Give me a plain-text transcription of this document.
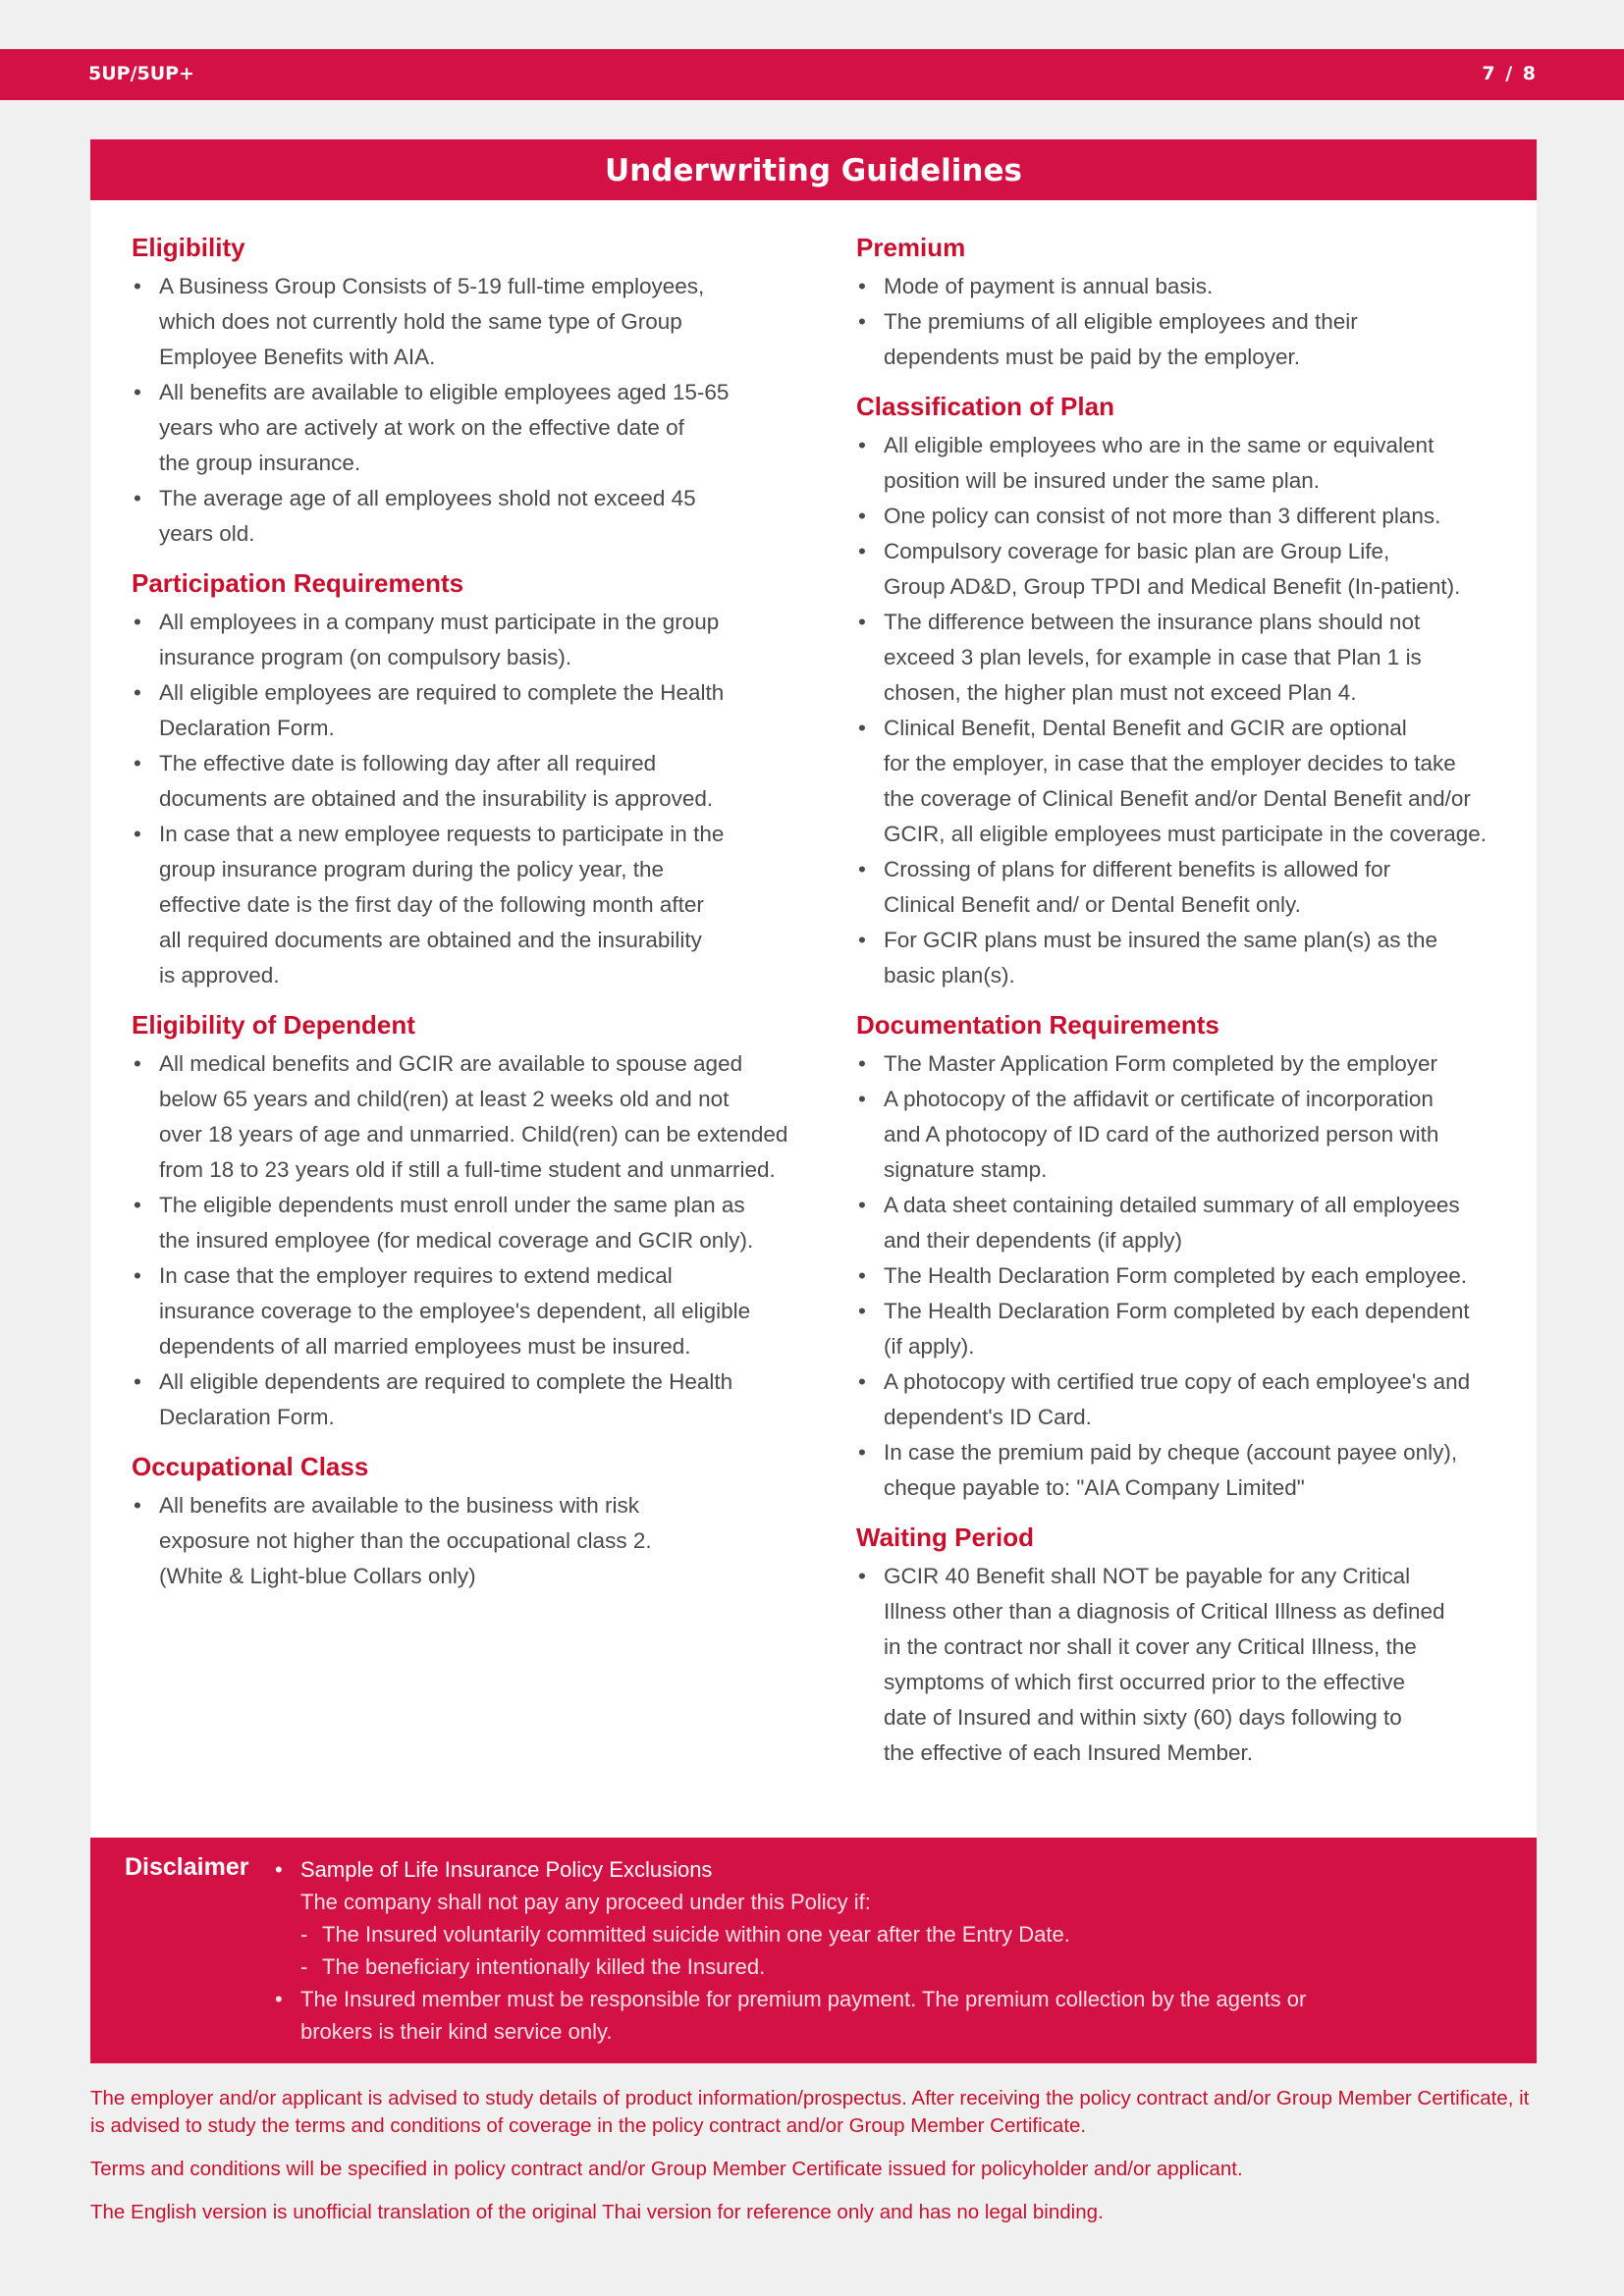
5UP/5UP+	7 / 8
Underwriting Guidelines
Eligibility
• A Business Group Consists of 5-19 full-time employees,
which does not currently hold the same type of Group
Employee Benefits with AIA.
• All benefits are available to eligible employees aged 15-65
years who are actively at work on the effective date of
the group insurance.
• The average age of all employees shold not exceed 45
years old.
Participation Requirements
• All employees in a company must participate in the group
insurance program (on compulsory basis).
• All eligible employees are required to complete the Health
Declaration Form.
• The effective date is following day after all required
documents are obtained and the insurability is approved.
• In case that a new employee requests to participate in the
group insurance program during the policy year, the
effective date is the first day of the following month after
all required documents are obtained and the insurability
is approved.
Eligibility of Dependent
• All medical benefits and GCIR are available to spouse aged
below 65 years and child(ren) at least 2 weeks old and not
over 18 years of age and unmarried. Child(ren) can be extended
from 18 to 23 years old if still a full-time student and unmarried.
• The eligible dependents must enroll under the same plan as
the insured employee (for medical coverage and GCIR only).
• In case that the employer requires to extend medical
insurance coverage to the employee's dependent, all eligible
dependents of all married employees must be insured.
• All eligible dependents are required to complete the Health
Declaration Form.
Occupational Class
• All benefits are available to the business with risk
exposure not higher than the occupational class 2.
(White & Light-blue Collars only)
Premium
• Mode of payment is annual basis.
• The premiums of all eligible employees and their
dependents must be paid by the employer.
Classification of Plan
• All eligible employees who are in the same or equivalent
position will be insured under the same plan.
• One policy can consist of not more than 3 different plans.
• Compulsory coverage for basic plan are Group Life,
Group AD&D, Group TPDI and Medical Benefit (In-patient).
• The difference between the insurance plans should not
exceed 3 plan levels, for example in case that Plan 1 is
chosen, the higher plan must not exceed Plan 4.
• Clinical Benefit, Dental Benefit and GCIR are optional
for the employer, in case that the employer decides to take
the coverage of Clinical Benefit and/or Dental Benefit and/or
GCIR, all eligible employees must participate in the coverage.
• Crossing of plans for different benefits is allowed for
Clinical Benefit and/ or Dental Benefit only.
• For GCIR plans must be insured the same plan(s) as the
basic plan(s).
Documentation Requirements
• The Master Application Form completed by the employer
• A photocopy of the affidavit or certificate of incorporation
and A photocopy of ID card of the authorized person with
signature stamp.
• A data sheet containing detailed summary of all employees
and their dependents (if apply)
• The Health Declaration Form completed by each employee.
• The Health Declaration Form completed by each dependent
(if apply).
• A photocopy with certified true copy of each employee's and
dependent's ID Card.
• In case the premium paid by cheque (account payee only),
cheque payable to: "AIA Company Limited"
Waiting Period
• GCIR 40 Benefit shall NOT be payable for any Critical
Illness other than a diagnosis of Critical Illness as defined
in the contract nor shall it cover any Critical Illness, the
symptoms of which first occurred prior to the effective
date of Insured and within sixty (60) days following to
the effective of each Insured Member.
Disclaimer • Sample of Life Insurance Policy Exclusions
The company shall not pay any proceed under this Policy if:
- The Insured voluntarily committed suicide within one year after the Entry Date.
- The beneficiary intentionally killed the Insured.
• The Insured member must be responsible for premium payment. The premium collection by the agents or
brokers is their kind service only.

The employer and/or applicant is advised to study details of product information/prospectus. After receiving the policy contract and/or Group Member Certificate, it is advised to study the terms and conditions of coverage in the policy contract and/or Group Member Certificate.

Terms and conditions will be specified in policy contract and/or Group Member Certificate issued for policyholder and/or applicant.

The English version is unofficial translation of the original Thai version for reference only and has no legal binding.
